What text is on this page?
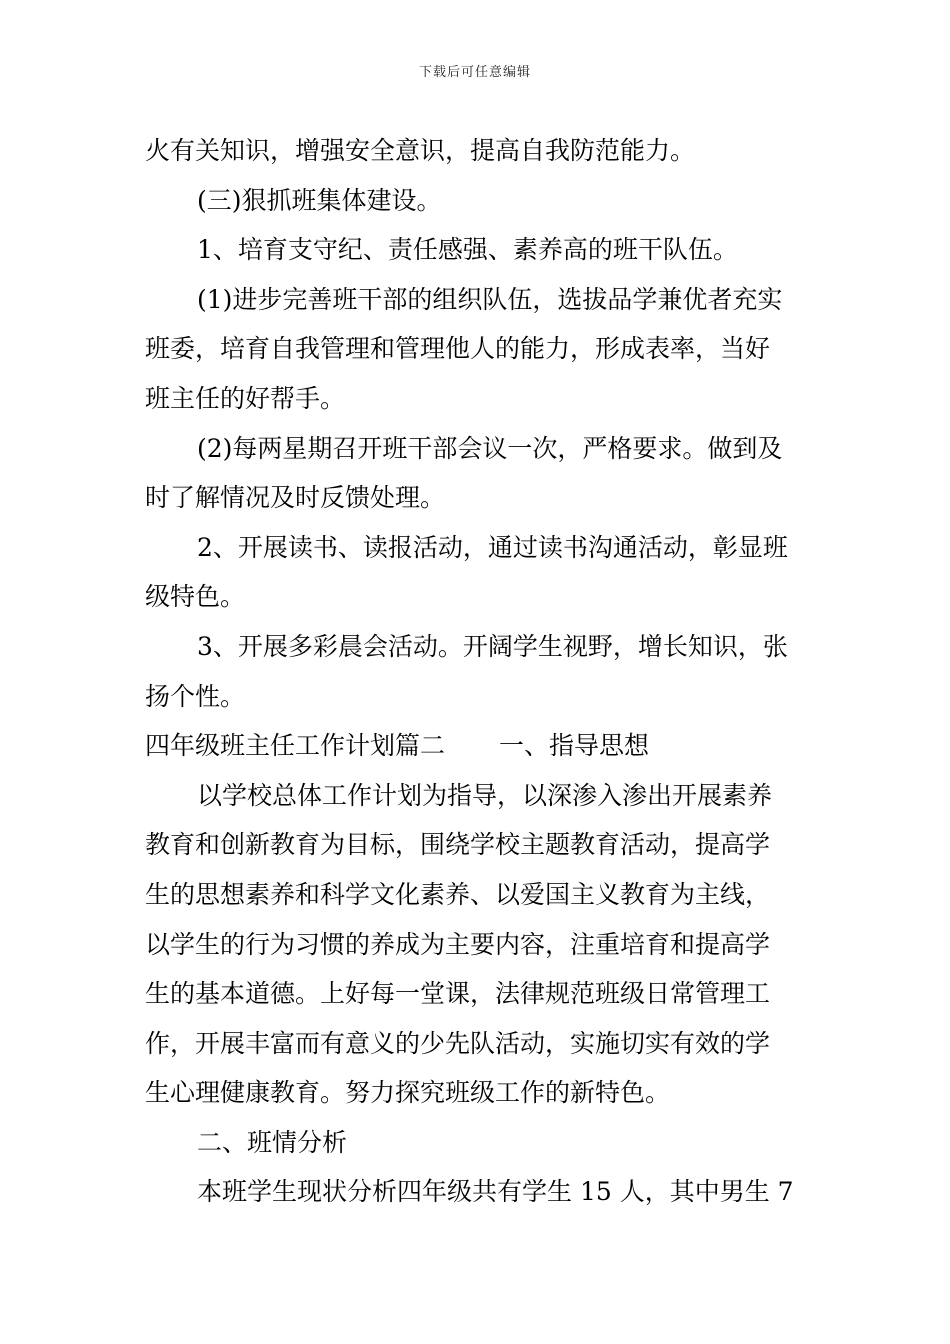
下载后可任意编辑
火有关知识，增强安全意识，提高自我防范能力。
(三)狠抓班集体建设。
1、培育支守纪、责任感强、素养高的班干队伍。
(1)进步完善班干部的组织队伍，选拔品学兼优者充实
班委，培育自我管理和管理他人的能力，形成表率，当好
班主任的好帮手。
(2)每两星期召开班干部会议一次，严格要求。做到及
时了解情况及时反馈处理。
2、开展读书、读报活动，通过读书沟通活动，彰显班
级特色。
3、开展多彩晨会活动。开阔学生视野，增长知识，张
扬个性。
四年级班主任工作计划篇二 一、指导思想
以学校总体工作计划为指导，以深渗入渗出开展素养
教育和创新教育为目标，围绕学校主题教育活动，提高学
生的思想素养和科学文化素养、以爱国主义教育为主线，
以学生的行为习惯的养成为主要内容，注重培育和提高学
生的基本道德。上好每一堂课，法律规范班级日常管理工
作，开展丰富而有意义的少先队活动，实施切实有效的学
生心理健康教育。努力探究班级工作的新特色。
二、班情分析
本班学生现状分析四年级共有学生 15 人，其中男生 7
